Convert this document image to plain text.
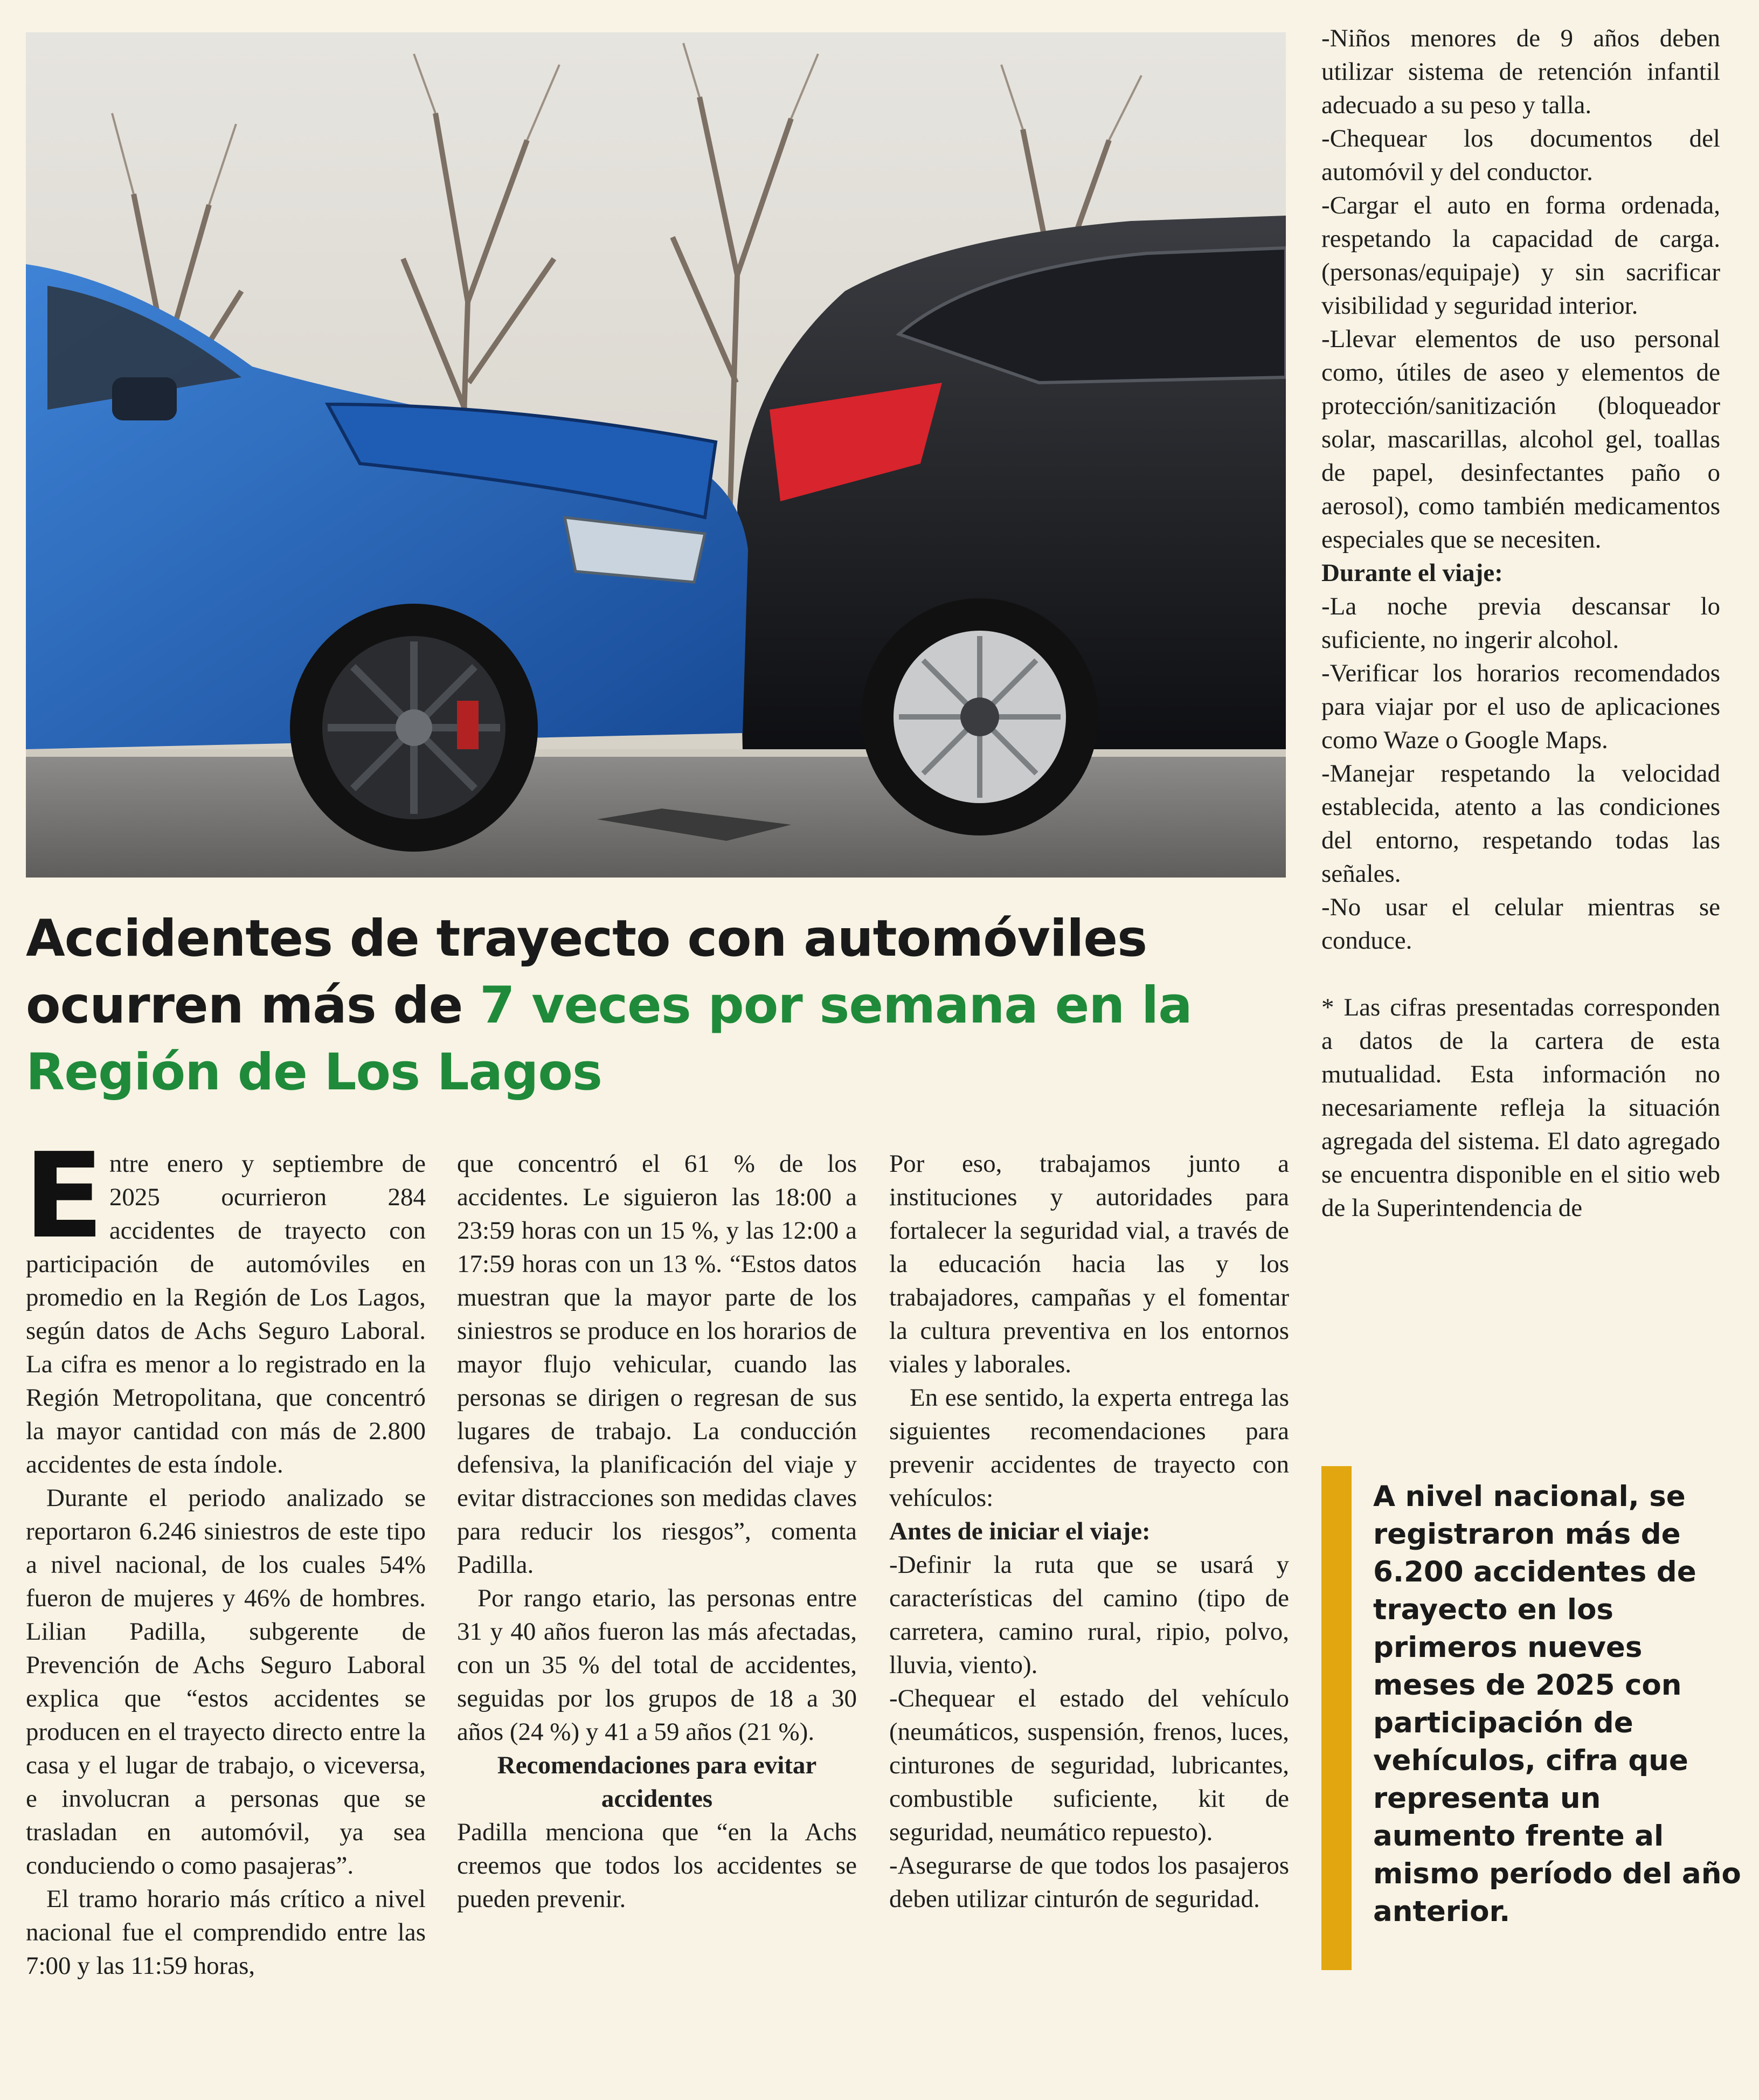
Accidentes de trayecto con automóviles ocurren más de 7 veces por semana en la Región de Los Lagos

Entre enero y septiembre de 2025 ocurrieron 284 accidentes de trayecto con participación de automóviles en promedio en la Región de Los Lagos, según datos de Achs Seguro Laboral. La cifra es menor a lo registrado en la Región Metropolitana, que concentró la mayor cantidad con más de 2.800 accidentes de esta índole.

Durante el periodo analizado se reportaron 6.246 siniestros de este tipo a nivel nacional, de los cuales 54% fueron de mujeres y 46% de hombres. Lilian Padilla, subgerente de Prevención de Achs Seguro Laboral explica que “estos accidentes se producen en el trayecto directo entre la casa y el lugar de trabajo, o viceversa, e involucran a personas que se trasladan en automóvil, ya sea conduciendo o como pasajeras”.

El tramo horario más crítico a nivel nacional fue el comprendido entre las 7:00 y las 11:59 horas,

que concentró el 61 % de los accidentes. Le siguieron las 18:00 a 23:59 horas con un 15 %, y las 12:00 a 17:59 horas con un 13 %. “Estos datos muestran que la mayor parte de los siniestros se produce en los horarios de mayor flujo vehicular, cuando las personas se dirigen o regresan de sus lugares de trabajo. La conducción defensiva, la planificación del viaje y evitar distracciones son medidas claves para reducir los riesgos”, comenta Padilla.

Por rango etario, las personas entre 31 y 40 años fueron las más afectadas, con un 35 % del total de accidentes, seguidas por los grupos de 18 a 30 años (24 %) y 41 a 59 años (21 %).

Recomendaciones para evitar accidentes

Padilla menciona que “en la Achs creemos que todos los accidentes se pueden prevenir.

Por eso, trabajamos junto a instituciones y autoridades para fortalecer la seguridad vial, a través de la educación hacia las y los trabajadores, campañas y el fomentar la cultura preventiva en los entornos viales y laborales.

En ese sentido, la experta entrega las siguientes recomendaciones para prevenir accidentes de trayecto con vehículos:

Antes de iniciar el viaje:

-Definir la ruta que se usará y características del camino (tipo de carretera, camino rural, ripio, polvo, lluvia, viento).

-Chequear el estado del vehículo (neumáticos, suspensión, frenos, luces, cinturones de seguridad, lubricantes, combustible suficiente, kit de seguridad, neumático repuesto).

-Asegurarse de que todos los pasajeros deben utilizar cinturón de seguridad.

-Niños menores de 9 años deben utilizar sistema de retención infantil adecuado a su peso y talla.

-Chequear los documentos del automóvil y del conductor.

-Cargar el auto en forma ordenada, respetando la capacidad de carga. (personas/equipaje) y sin sacrificar visibilidad y seguridad interior.

-Llevar elementos de uso personal como, útiles de aseo y elementos de protección/sanitización (bloqueador solar, mascarillas, alcohol gel, toallas de papel, desinfectantes paño o aerosol), como también medicamentos especiales que se necesiten.

Durante el viaje:

-La noche previa descansar lo suficiente, no ingerir alcohol.

-Verificar los horarios recomendados para viajar por el uso de aplicaciones como Waze o Google Maps.

-Manejar respetando la velocidad establecida, atento a las condiciones del entorno, respetando todas las señales.

-No usar el celular mientras se conduce.

* Las cifras presentadas corresponden a datos de la cartera de esta mutualidad. Esta información no necesariamente refleja la situación agregada del sistema. El dato agregado se encuentra disponible en el sitio web de la Superintendencia de

A nivel nacional, se registraron más de 6.200 accidentes de trayecto en los primeros nueves meses de 2025 con participación de vehículos, cifra que representa un aumento frente al mismo período del año anterior.
